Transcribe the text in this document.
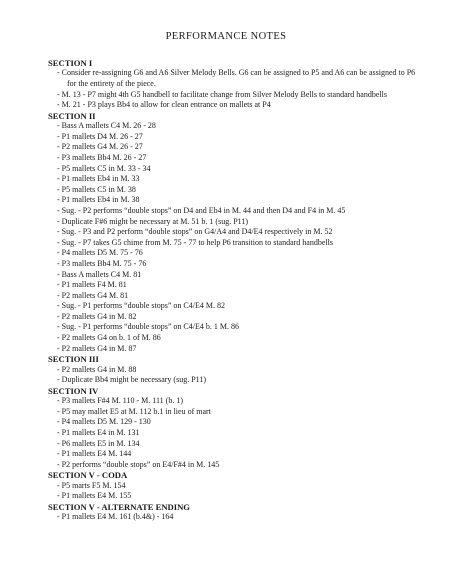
PERFORMANCE NOTES
SECTION I
- Consider re-assigning G6 and A6 Silver Melody Bells. G6 can be assigned to P5 and A6 can be assigned to P6 for the entirety of the piece.
- M. 13 - P7 might 4th G5 handbell to facilitate change from Silver Melody Bells to standard handbells
- M. 21 - P3 plays Bb4 to allow for clean entrance on mallets at P4
SECTION II
- Bass A mallets C4 M. 26 - 28
- P1 mallets D4 M. 26 - 27
- P2 mallets G4 M. 26 - 27
- P3 mallets Bb4 M. 26 - 27
- P5 mallets C5 in M. 33 - 34
- P1 mallets Eb4 in M. 33
- P5 mallets C5 in M. 38
- P1 mallets Eb4 in M. 38
- Sug. - P2 performs “double stops” on D4 and Eb4 in M. 44 and then D4 and F4 in M. 45
- Duplicate F#6 might be necessary at M. 51 b. 1 (sug. P11)
- Sug. - P3 and P2 perform “double stops” on G4/A4 and D4/E4 respectively in M. 52
- Sug. - P7 takes G5 chime from M. 75 - 77 to help P6 transition to standard handbells
- P4 mallets D5 M. 75 - 76
- P3 mallets Bb4 M. 75 - 76
- Bass A mallets C4 M. 81
- P1 mallets F4 M. 81
- P2 mallets G4 M. 81
- Sug. - P1 performs “double stops” on C4/E4 M. 82
- P2 mallets G4 in M. 82
- Sug. - P1 performs “double stops” on C4/E4 b. 1 M. 86
- P2 mallets G4 on b. 1 of M. 86
- P2 mallets G4 in M. 87
SECTION III
- P2 mallets G4 in M. 88
- Duplicate Bb4 might be necessary (sug. P11)
SECTION IV
- P3 mallets F#4 M. 110 - M. 111 (b. 1)
- P5 may mallet E5 at M. 112 b.1 in lieu of mart
- P4 mallets D5 M. 129 - 130
- P1 mallets E4 in M. 131
- P6 mallets E5 in M. 134
- P1 mallets E4 M. 144
- P2 performs “double stops” on E4/F#4 in M. 145
SECTION V - CODA
- P5 marts F5 M. 154
- P1 mallets E4 M. 155
SECTION V - ALTERNATE ENDING
- P1 mallets E4 M. 161 (b.4&) - 164
